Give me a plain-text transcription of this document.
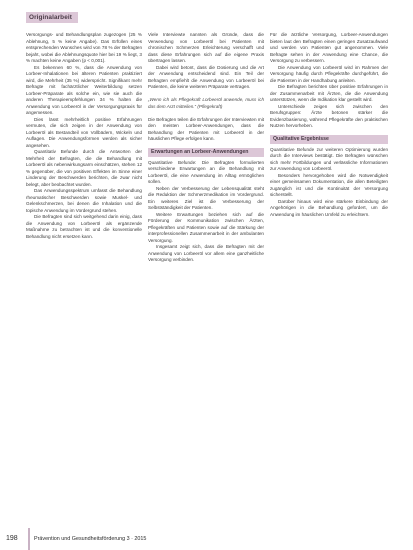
Originalarbeit

Versorgungs- und Behandlungsplan zugezogen (25 % Ablehnung, 5 % keine Angabe). Das Erfüllen eines entsprechenden Wunsches wird von 78 % der Befragten bejaht, wobei die Ablehnungsquote hier bei 19 % liegt, 3 % machten keine Angaben (p < 0,001).

Es bekennen 60 %, dass die Anwendung von Lorbeer-Inhalationen bei älteren Patienten praktiziert wird, die Mehrheit (35 %) widerspricht. Signifikant mehr Befragte mit fachärztlicher Weiterbildung setzen Lorbeer-Präparate als solche ein, wie sie auch die anderen Therapieempfehlungen 34 % halten die Anwendung von Lorbeeröl in der Versorgungspraxis für angemessen.

Dies lässt mehrheitlich positive Erfahrungen vermuten, die sich zeigen in der Anwendung von Lorbeeröl als Bestandteil von Vollbädern, Wickeln und Auflagen. Die Anwendungsformen werden als sicher angesehen.

Quantitativ Befunde durch die Antworten der Mehrheit der Befragten, die die Behandlung mit Lorbeeröl als nebenwirkungsarm einschätzen, stehen 12 % gegenüber, die von positiven Effekten im Sinne einer Linderung der Beschwerden berichten, die zwar nicht belegt, aber beobachtet wurden.

Das Anwendungsspektrum umfasst die Behandlung rheumatischer Beschwerden sowie Muskel- und Gelenkschmerzen, bei denen die Inhalation und die topische Anwendung im Vordergrund stehen.

Die Befragten sind sich weitgehend darin einig, dass die Anwendung von Lorbeeröl als ergänzende Maßnahme zu betrachten ist und die konventionelle Behandlung nicht ersetzen kann.

Viele Interviewte nannten als Gründe, dass die Verwendung von Lorbeeröl bei Patienten mit chronischen Schmerzen Erleichterung verschafft und dass diese Erfahrungen sich auf die eigene Praxis übertragen lassen.

Dabei wird betont, dass die Dosierung und die Art der Anwendung entscheidend sind. Ein Teil der Befragten empfiehlt die Anwendung von Lorbeeröl bei Patienten, die keine weiteren Präparate vertragen.

„Wenn ich als Pflegekraft Lorbeeröl anwende, muss ich das dem Arzt mitteilen.“ (Pflegekraft)

Die Befragten teilen die Erfahrungen der Interviewten mit den meisten Lorbeer-Anwendungen, dass die Behandlung der Patienten mit Lorbeeröl in der häuslichen Pflege erfolgen kann.

Erwartungen an Lorbeer-Anwendungen

Quantitative Befunde: Die Befragten formulierten verschiedene Erwartungen an die Behandlung mit Lorbeeröl, die eine Anwendung im Alltag ermöglichen sollen.

Neben der Verbesserung der Lebensqualität steht die Reduktion der Schmerzmedikation im Vordergrund. Ein weiteres Ziel ist die Verbesserung der Selbstständigkeit der Patienten.

Weitere Erwartungen beziehen sich auf die Förderung der Kommunikation zwischen Ärzten, Pflegekräften und Patienten sowie auf die Stärkung der interprofessionellen Zusammenarbeit in der ambulanten Versorgung.

Insgesamt zeigt sich, dass die Befragten mit der Anwendung von Lorbeeröl vor allem eine ganzheitliche Versorgung verbinden.

Für die ärztliche Versorgung, Lorbeer-Anwendungen bieten laut den Befragten einen geringen Zusatzaufwand und werden von Patienten gut angenommen. Viele Befragte sehen in der Anwendung eine Chance, die Versorgung zu verbessern.

Die Anwendung von Lorbeeröl wird im Rahmen der Versorgung häufig durch Pflegekräfte durchgeführt, die die Patienten in der Handhabung anleiten.

Die Befragten berichten über positive Erfahrungen in der Zusammenarbeit mit Ärzten, die die Anwendung unterstützen, wenn die Indikation klar gestellt wird.

Unterschiede zeigen sich zwischen den Berufsgruppen: Ärzte betonen stärker die Evidenzbasierung, während Pflegekräfte den praktischen Nutzen hervorheben.

Qualitative Ergebnisse

Quantitative Befunde zur weiteren Optimierung wurden durch die Interviews bestätigt. Die Befragten wünschen sich mehr Fortbildungen und verlässliche Informationen zur Anwendung von Lorbeeröl.

Besonders hervorgehoben wird die Notwendigkeit einer gemeinsamen Dokumentation, die allen Beteiligten zugänglich ist und die Kontinuität der Versorgung sicherstellt.

Darüber hinaus wird eine stärkere Einbindung der Angehörigen in die Behandlung gefordert, um die Anwendung im häuslichen Umfeld zu erleichtern.

198	Prävention und Gesundheitsförderung 3 · 2015
